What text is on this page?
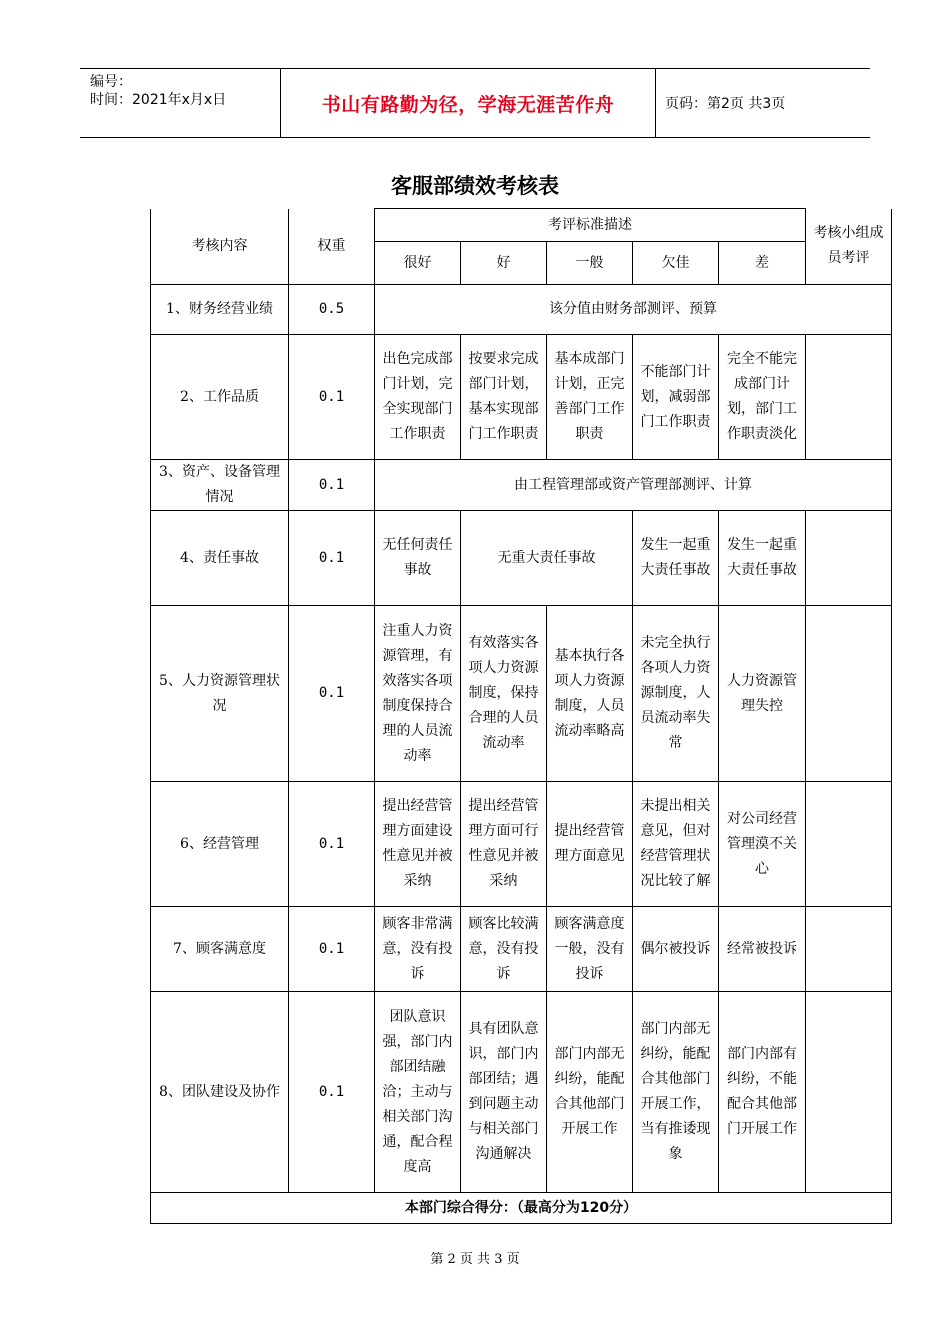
编号：
时间：2021年x月x日	书山有路勤为径，学海无涯苦作舟	页码：第2页 共3页
客服部绩效考核表
考核内容	权重	考评标准描述					考核小组成员考评
		很好	好	一般	欠佳	差	
1、财务经营业绩	0.5	该分值由财务部测评、预算					
2、工作品质	0.1	出色完成部门计划，完全实现部门工作职责	按要求完成部门计划，基本实现部门工作职责	基本成部门计划，正完善部门工作职责	不能部门计划，减弱部门工作职责	完全不能完成部门计划，部门工作职责淡化	
3、资产、设备管理情况	0.1	由工程管理部或资产管理部测评、计算					
4、责任事故	0.1	无任何责任事故	无重大责任事故		发生一起重大责任事故	发生一起重大责任事故	
5、人力资源管理状况	0.1	注重人力资源管理，有效落实各项制度保持合理的人员流动率	有效落实各项人力资源制度，保持合理的人员流动率	基本执行各项人力资源制度，人员流动率略高	未完全执行各项人力资源制度，人员流动率失常	人力资源管理失控	
6、经营管理	0.1	提出经营管理方面建设性意见并被采纳	提出经营管理方面可行性意见并被采纳	提出经营管理方面意见	未提出相关意见，但对经营管理状况比较了解	对公司经营管理漠不关心	
7、顾客满意度	0.1	顾客非常满意，没有投诉	顾客比较满意，没有投诉	顾客满意度一般，没有投诉	偶尔被投诉	经常被投诉	
8、团队建设及协作	0.1	团队意识强，部门内部团结融洽；主动与相关部门沟通，配合程度高	具有团队意识，部门内部团结；遇到问题主动与相关部门沟通解决	部门内部无纠纷，能配合其他部门开展工作	部门内部无纠纷，能配合其他部门开展工作，当有推诿现象	部门内部有纠纷，不能配合其他部门开展工作	
本部门综合得分：（最高分为120分）							
第 2 页 共 3 页
